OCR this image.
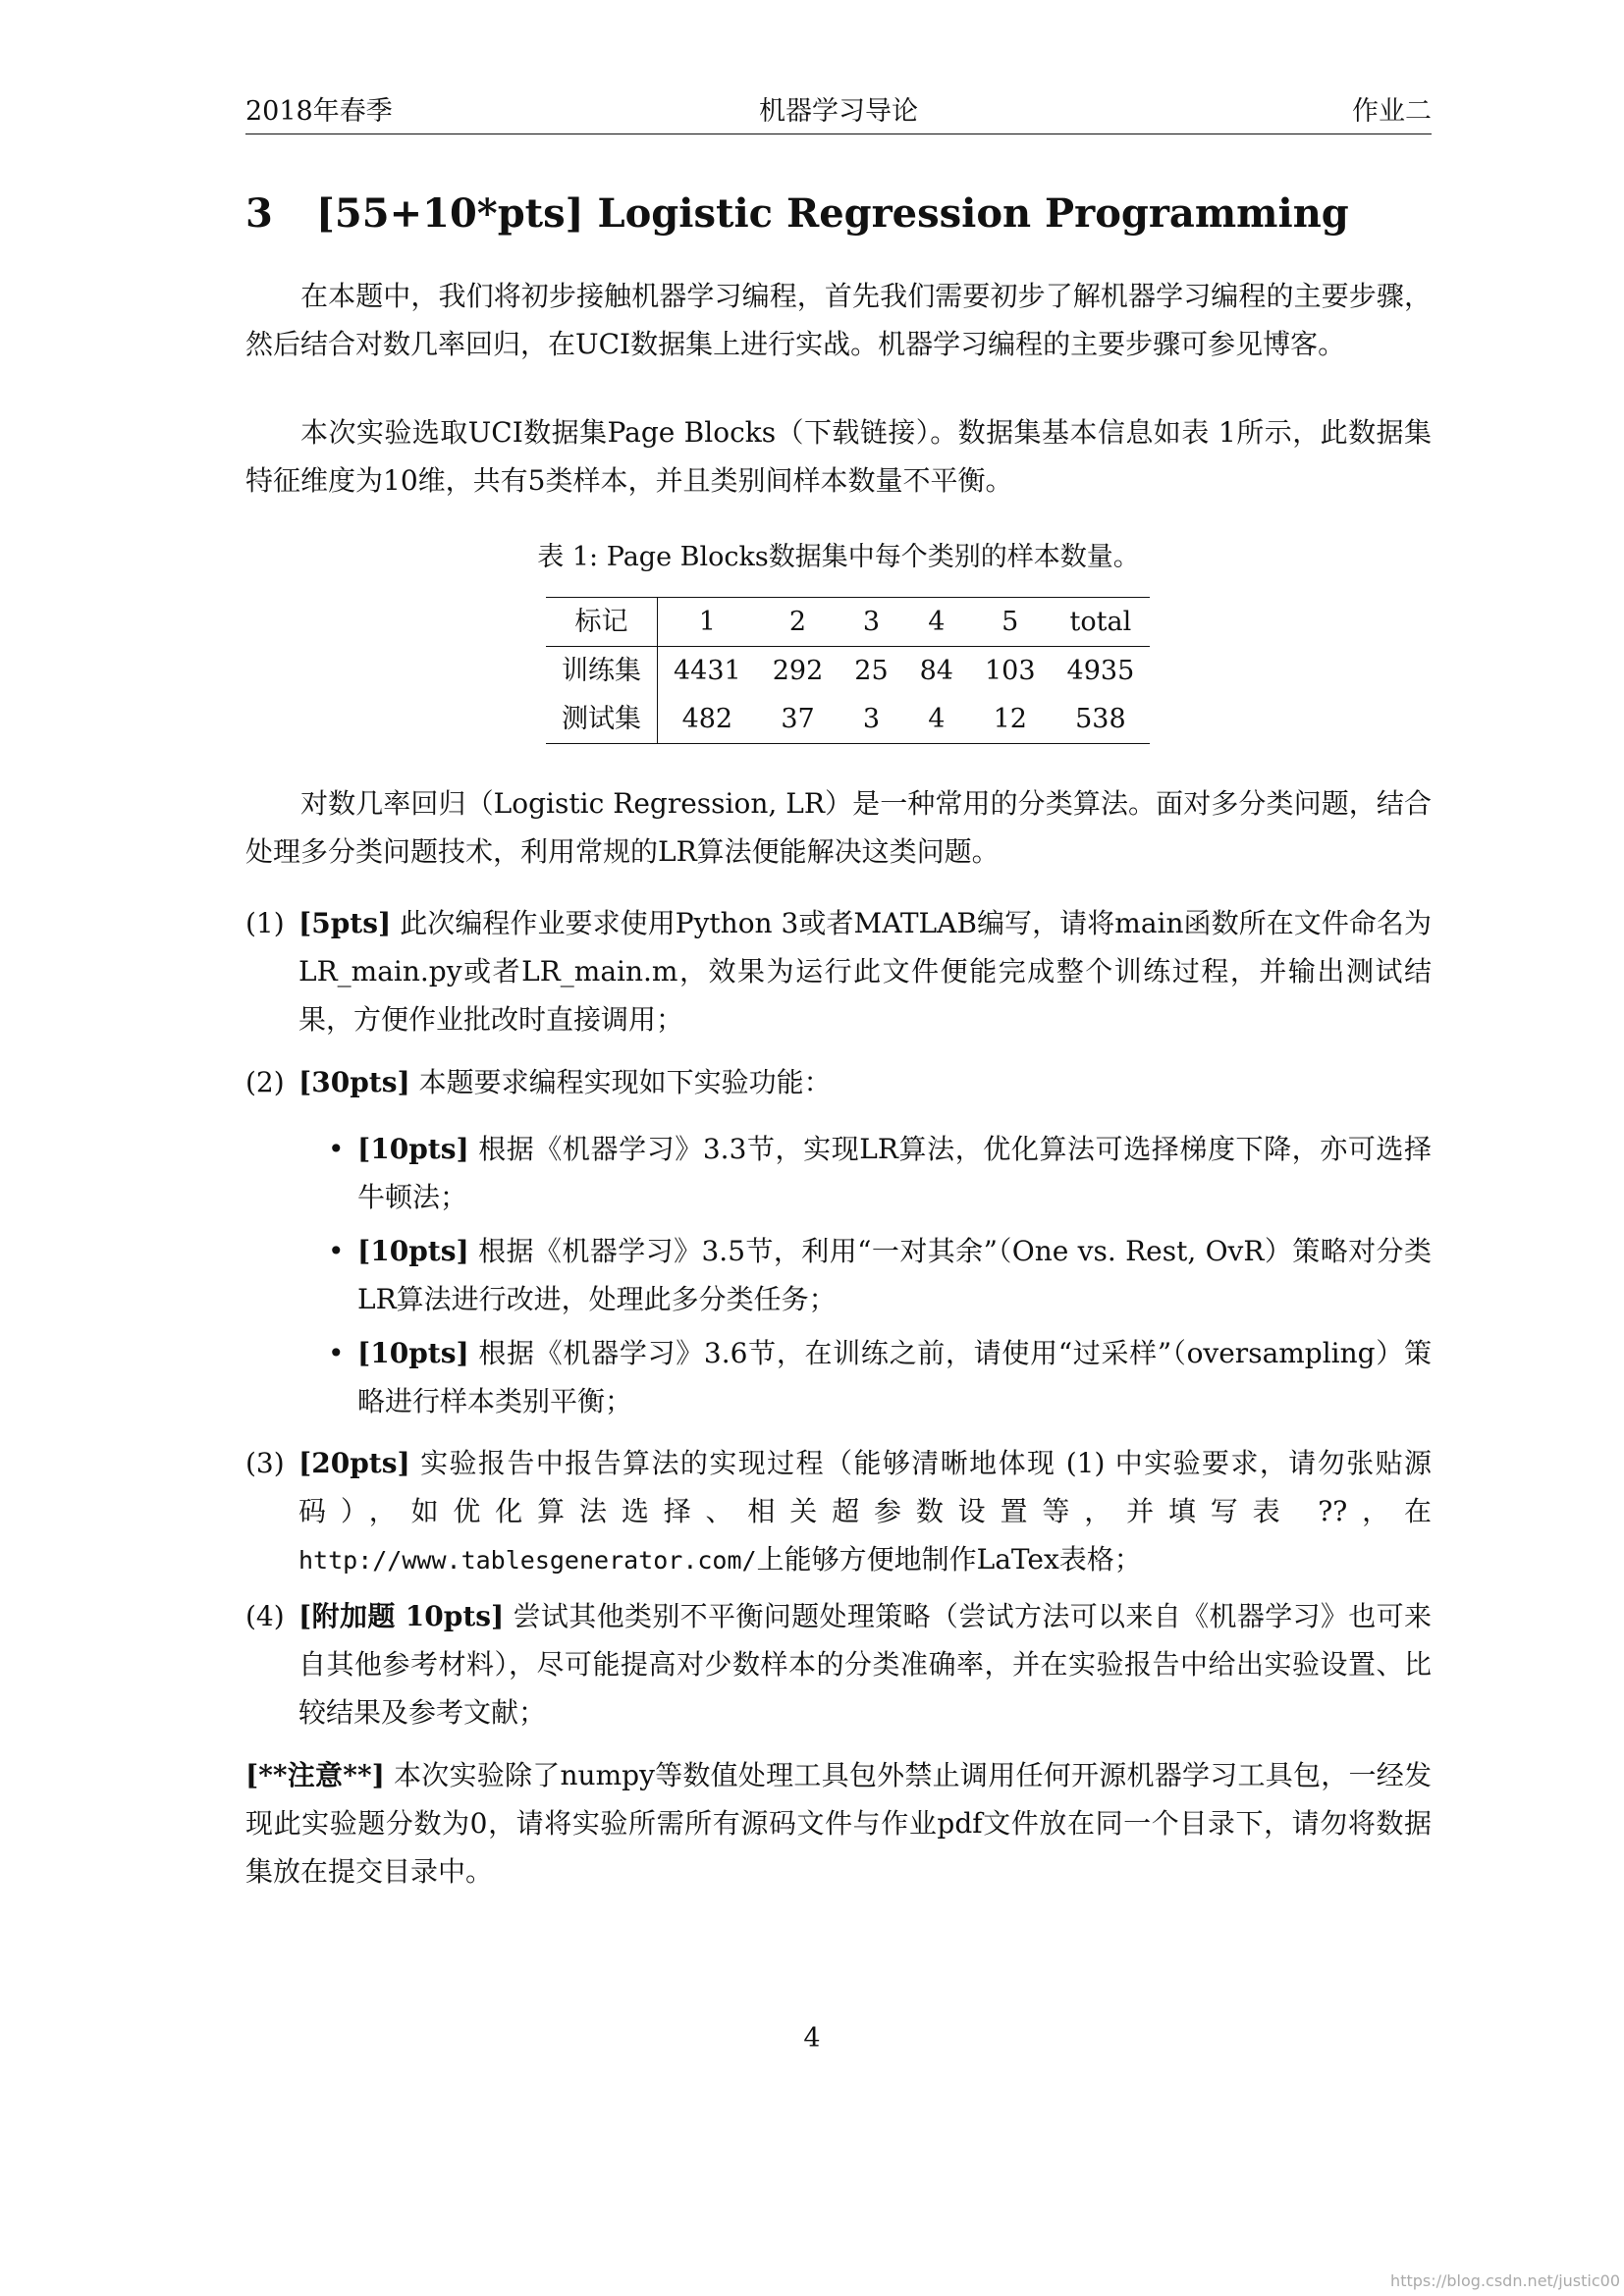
2018年春季	机器学习导论	作业二
3 [55+10*pts] Logistic Regression Programming

在本题中，我们将初步接触机器学习编程，首先我们需要初步了解机器学习编程的主要步骤，然后结合对数几率回归，在UCI数据集上进行实战。机器学习编程的主要步骤可参见博客。

本次实验选取UCI数据集Page Blocks（下载链接）。数据集基本信息如表 1所示，此数据集特征维度为10维，共有5类样本，并且类别间样本数量不平衡。

表 1: Page Blocks数据集中每个类别的样本数量。
标记	1	2	3	4	5	total
训练集	4431	292	25	84	103	4935
测试集	482	37	3	4	12	538

对数几率回归（Logistic Regression, LR）是一种常用的分类算法。面对多分类问题，结合处理多分类问题技术，利用常规的LR算法便能解决这类问题。

(1) [5pts] 此次编程作业要求使用Python 3或者MATLAB编写，请将main函数所在文件命名为LR_main.py或者LR_main.m，效果为运行此文件便能完成整个训练过程，并输出测试结果，方便作业批改时直接调用；
(2) [30pts] 本题要求编程实现如下实验功能：
• [10pts] 根据《机器学习》3.3节，实现LR算法，优化算法可选择梯度下降，亦可选择牛顿法；
• [10pts] 根据《机器学习》3.5节，利用“一对其余”（One vs. Rest, OvR）策略对分类LR算法进行改进，处理此多分类任务；
• [10pts] 根据《机器学习》3.6节，在训练之前，请使用“过采样”（oversampling）策略进行样本类别平衡；
(3) [20pts] 实验报告中报告算法的实现过程（能够清晰地体现 (1) 中实验要求，请勿张贴源码），如优化算法选择、相关超参数设置等，并填写表 ??，在http://www.tablesgenerator.com/上能够方便地制作LaTex表格；
(4) [附加题 10pts] 尝试其他类别不平衡问题处理策略（尝试方法可以来自《机器学习》也可来自其他参考材料），尽可能提高对少数样本的分类准确率，并在实验报告中给出实验设置、比较结果及参考文献；

[**注意**] 本次实验除了numpy等数值处理工具包外禁止调用任何开源机器学习工具包，一经发现此实验题分数为0，请将实验所需所有源码文件与作业pdf文件放在同一个目录下，请勿将数据集放在提交目录中。

4
https://blog.csdn.net/justic00
